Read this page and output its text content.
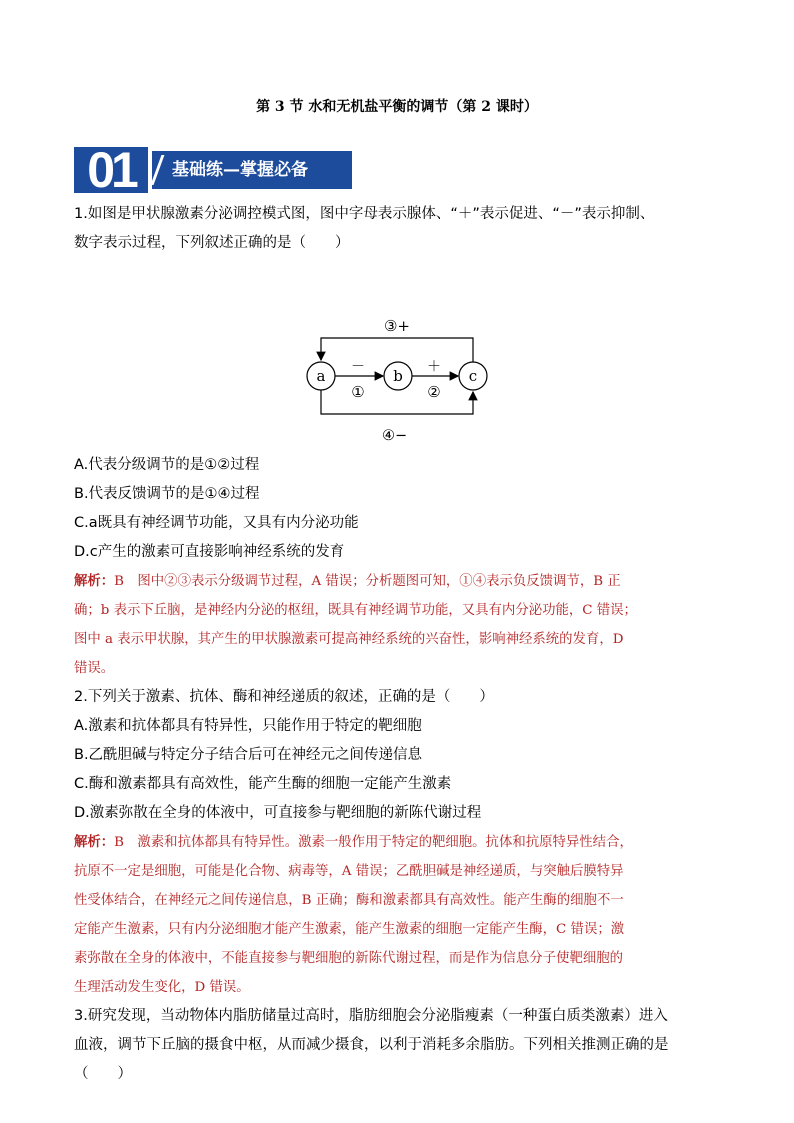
第 3 节 水和无机盐平衡的调节（第 2 课时）
01	基础练—掌握必备
1.如图是甲状腺激素分泌调控模式图，图中字母表示腺体、“＋”表示促进、“－”表示抑制、
数字表示过程，下列叙述正确的是（　　）
a	b	c
－
①
＋
②
③+
④−
A.代表分级调节的是①②过程
B.代表反馈调节的是①④过程
C.a既具有神经调节功能，又具有内分泌功能
D.c产生的激素可直接影响神经系统的发育
解析：B　图中②③表示分级调节过程，A 错误；分析题图可知，①④表示负反馈调节，B 正
确；b 表示下丘脑，是神经内分泌的枢纽，既具有神经调节功能，又具有内分泌功能，C 错误；
图中 a 表示甲状腺，其产生的甲状腺激素可提高神经系统的兴奋性，影响神经系统的发育，D
错误。
2.下列关于激素、抗体、酶和神经递质的叙述，正确的是（　　）
A.激素和抗体都具有特异性，只能作用于特定的靶细胞
B.乙酰胆碱与特定分子结合后可在神经元之间传递信息
C.酶和激素都具有高效性，能产生酶的细胞一定能产生激素
D.激素弥散在全身的体液中，可直接参与靶细胞的新陈代谢过程
解析：B　激素和抗体都具有特异性。激素一般作用于特定的靶细胞。抗体和抗原特异性结合，
抗原不一定是细胞，可能是化合物、病毒等，A 错误；乙酰胆碱是神经递质，与突触后膜特异
性受体结合，在神经元之间传递信息，B 正确；酶和激素都具有高效性。能产生酶的细胞不一
定能产生激素，只有内分泌细胞才能产生激素，能产生激素的细胞一定能产生酶，C 错误；激
素弥散在全身的体液中，不能直接参与靶细胞的新陈代谢过程，而是作为信息分子使靶细胞的
生理活动发生变化，D 错误。
3.研究发现，当动物体内脂肪储量过高时，脂肪细胞会分泌脂瘦素（一种蛋白质类激素）进入
血液，调节下丘脑的摄食中枢，从而减少摄食，以利于消耗多余脂肪。下列相关推测正确的是
（　　）
